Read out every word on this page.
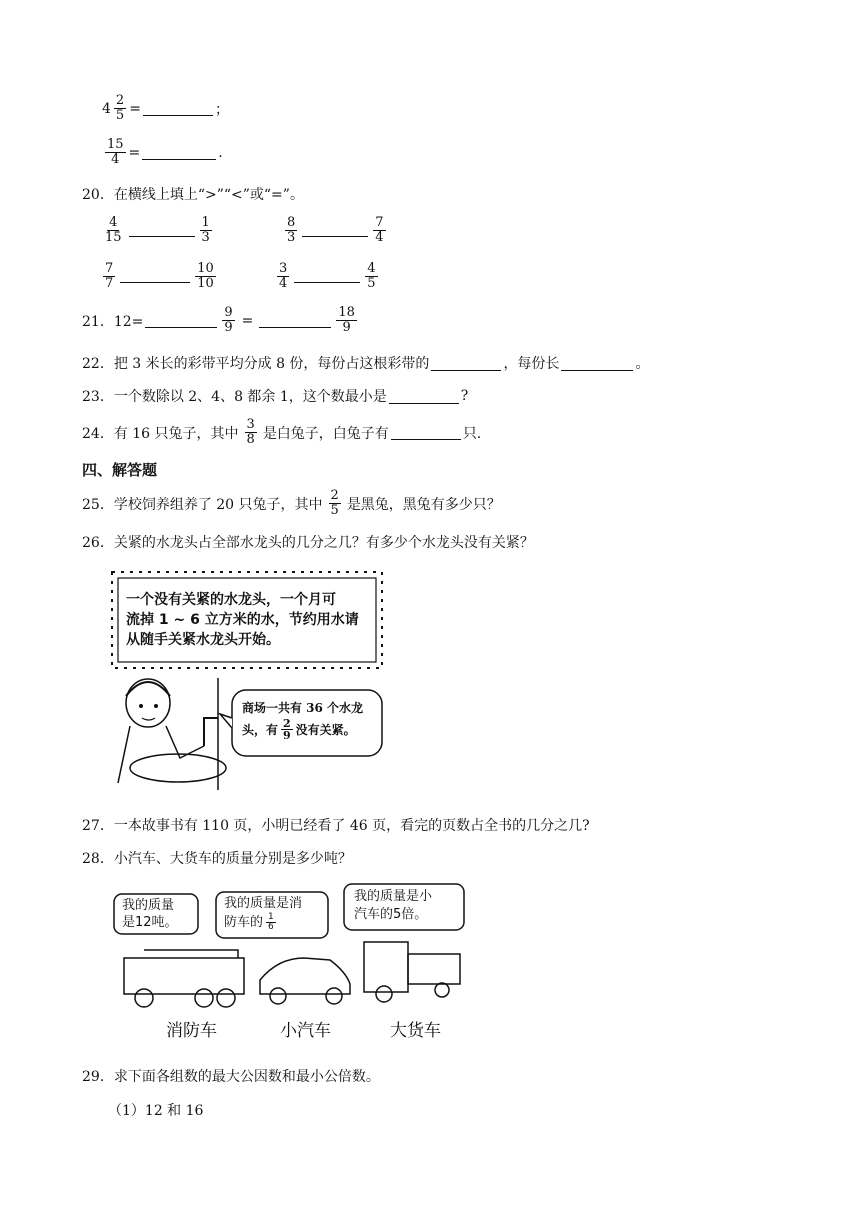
$4 \frac{2}{5}$ =	；
$\frac{15}{4}$ =	.
20．在横线上填上“>”“<”或“=”。
$\frac{4}{15}$	$\frac{1}{3}$	$\frac{8}{3}$	$\frac{7}{4}$
$\frac{7}{7}$	$\frac{10}{10}$	$\frac{3}{4}$	$\frac{4}{5}$
21．12=	$\frac{9}{9}$ =	$\frac{18}{9}$
22．把 3 米长的彩带平均分成 8 份，每份占这根彩带的	，每份长	。
23．一个数除以 2、4、8 都余 1，这个数最小是	?
24．有 16 只兔子，其中 $\frac{3}{8}$ 是白兔子，白兔子有	只.
四、解答题
25．学校饲养组养了 20 只兔子，其中 $\frac{2}{5}$ 是黑兔，黑兔有多少只？
26．关紧的水龙头占全部水龙头的几分之几？有多少个水龙头没有关紧？
一个没有关紧的水龙头，一个月可
流掉 1 ~ 6 立方米的水，节约用水请
从随手关紧水龙头开始。
商场一共有 36 个水龙
头，有 $\frac{2}{9}$ 没有关紧。
27．一本故事书有 110 页，小明已经看了 46 页，看完的页数占全书的几分之几?
28．小汽车、大货车的质量分别是多少吨？
我的质量
是12吨。
我的质量是消
防车的 $\frac{1}{6}$
我的质量是小
汽车的5倍。
消防车	小汽车	大货车
29．求下面各组数的最大公因数和最小公倍数。
（1）12 和 16
